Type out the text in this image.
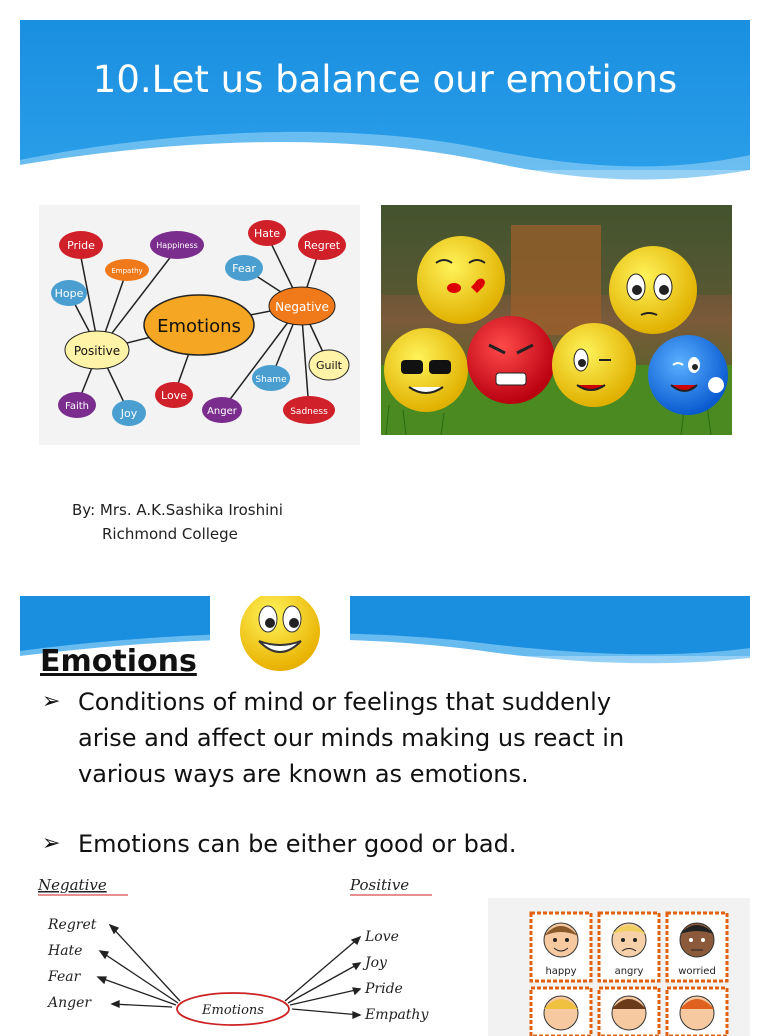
10.Let us balance our emotions
Emotions
Positive
Negative
Pride	Happiness
Hate
Regret
Empathy	Fear
Hope
Guilt
Shame
Faith
Love
Joy	Anger	Sadness
By: Mrs. A.K.Sashika Iroshini
Richmond College
Emotions
➢ Conditions of mind or feelings that suddenly arise and affect our minds making us react in various ways are known as emotions.
➢ Emotions can be either good or bad.
Negative	Positive
Regret
Hate
Fear
Anger
Love
Joy
Pride
Empathy
Emotions
happy	angry	worried
